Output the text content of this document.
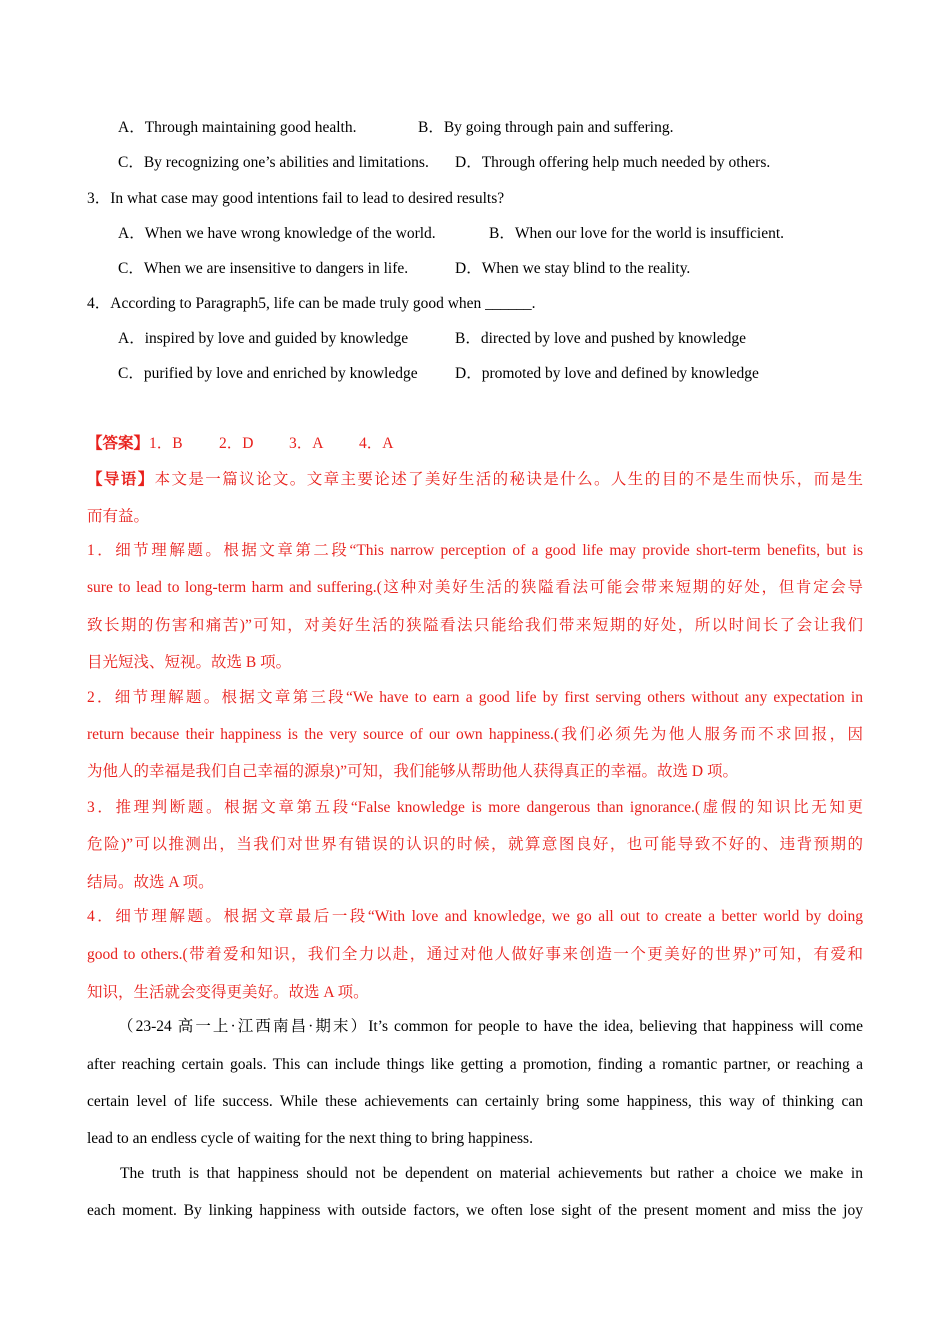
A．Through maintaining good health.	B．By going through pain and suffering.
C．By recognizing one’s abilities and limitations. D．Through offering help much needed by others.
3．In what case may good intentions fail to lead to desired results?
A．When we have wrong knowledge of the world.	B．When our love for the world is insufficient.
C．When we are insensitive to dangers in life.	D．When we stay blind to the reality.
4．According to Paragraph5, life can be made truly good when ______.
A．inspired by love and guided by knowledge	B．directed by love and pushed by knowledge
C．purified by love and enriched by knowledge D．promoted by love and defined by knowledge
【答案】1．B 2．D 3．A 4．A
【导语】本文是一篇议论文。文章主要论述了美好生活的秘诀是什么。人生的目的不是生而快乐，而是生
而有益。
1．细节理解题。根据文章第二段“This narrow perception of a good life may provide short-term benefits, but is
sure to lead to long-term harm and suffering.(这种对美好生活的狭隘看法可能会带来短期的好处，但肯定会导
致长期的伤害和痛苦)”可知，对美好生活的狭隘看法只能给我们带来短期的好处，所以时间长了会让我们
目光短浅、短视。故选 B 项。
2．细节理解题。根据文章第三段“We have to earn a good life by first serving others without any expectation in
return because their happiness is the very source of our own happiness.(我们必须先为他人服务而不求回报，因
为他人的幸福是我们自己幸福的源泉)”可知，我们能够从帮助他人获得真正的幸福。故选 D 项。
3．推理判断题。根据文章第五段“False knowledge is more dangerous than ignorance.(虚假的知识比无知更
危险)”可以推测出，当我们对世界有错误的认识的时候，就算意图良好，也可能导致不好的、违背预期的
结局。故选 A 项。
4．细节理解题。根据文章最后一段“With love and knowledge, we go all out to create a better world by doing
good to others.(带着爱和知识，我们全力以赴，通过对他人做好事来创造一个更美好的世界)”可知，有爱和
知识，生活就会变得更美好。故选 A 项。
（23-24 高一上·江西南昌·期末）It’s common for people to have the idea, believing that happiness will come
after reaching certain goals. This can include things like getting a promotion, finding a romantic partner, or reaching a
certain level of life success. While these achievements can certainly bring some happiness, this way of thinking can
lead to an endless cycle of waiting for the next thing to bring happiness.
The truth is that happiness should not be dependent on material achievements but rather a choice we make in
each moment. By linking happiness with outside factors, we often lose sight of the present moment and miss the joy
